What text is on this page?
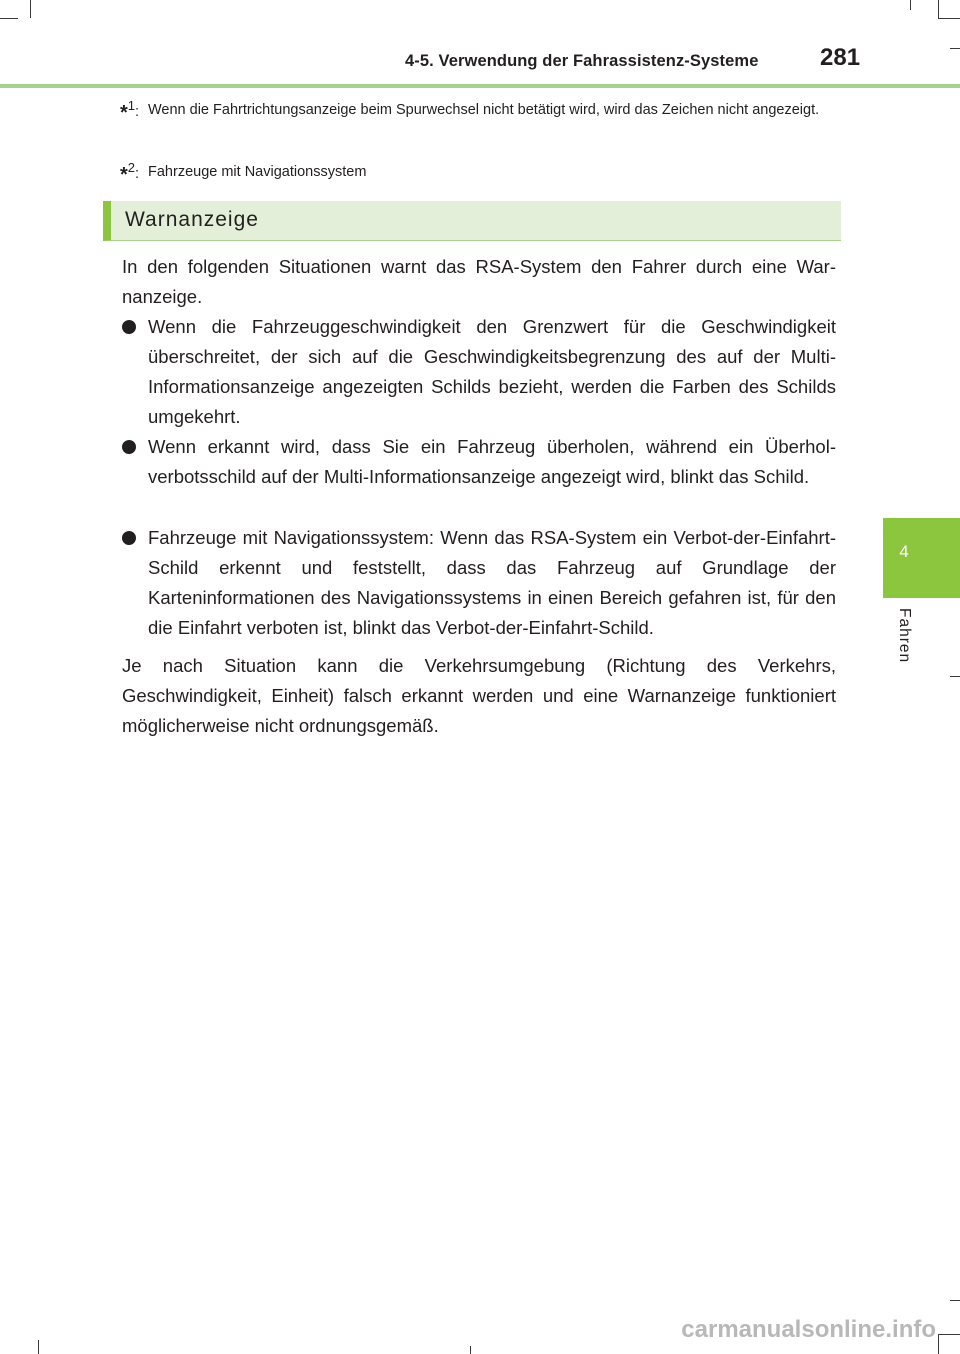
4-5. Verwendung der Fahrassistenz-Systeme	281
*1: Wenn die Fahrtrichtungsanzeige beim Spurwechsel nicht betätigt wird, wird das Zeichen nicht angezeigt.
*2: Fahrzeuge mit Navigationssystem
Warnanzeige
In den folgenden Situationen warnt das RSA-System den Fahrer durch eine Warnanzeige.
Wenn die Fahrzeuggeschwindigkeit den Grenzwert für die Geschwindigkeit überschreitet, der sich auf die Geschwindigkeitsbegrenzung des auf der Multi-Informationsanzeige angezeigten Schilds bezieht, werden die Farben des Schilds umgekehrt.
Wenn erkannt wird, dass Sie ein Fahrzeug überholen, während ein Überholverbotsschild auf der Multi-Informationsanzeige angezeigt wird, blinkt das Schild.
Fahrzeuge mit Navigationssystem: Wenn das RSA-System ein Verbot-der-Einfahrt-Schild erkennt und feststellt, dass das Fahrzeug auf Grundlage der Karteninformationen des Navigationssystems in einen Bereich gefahren ist, für den die Einfahrt verboten ist, blinkt das Verbot-der-Einfahrt-Schild.
Je nach Situation kann die Verkehrsumgebung (Richtung des Verkehrs, Geschwindigkeit, Einheit) falsch erkannt werden und eine Warnanzeige funktioniert möglicherweise nicht ordnungsgemäß.
4
Fahren
carmanualsonline.info
